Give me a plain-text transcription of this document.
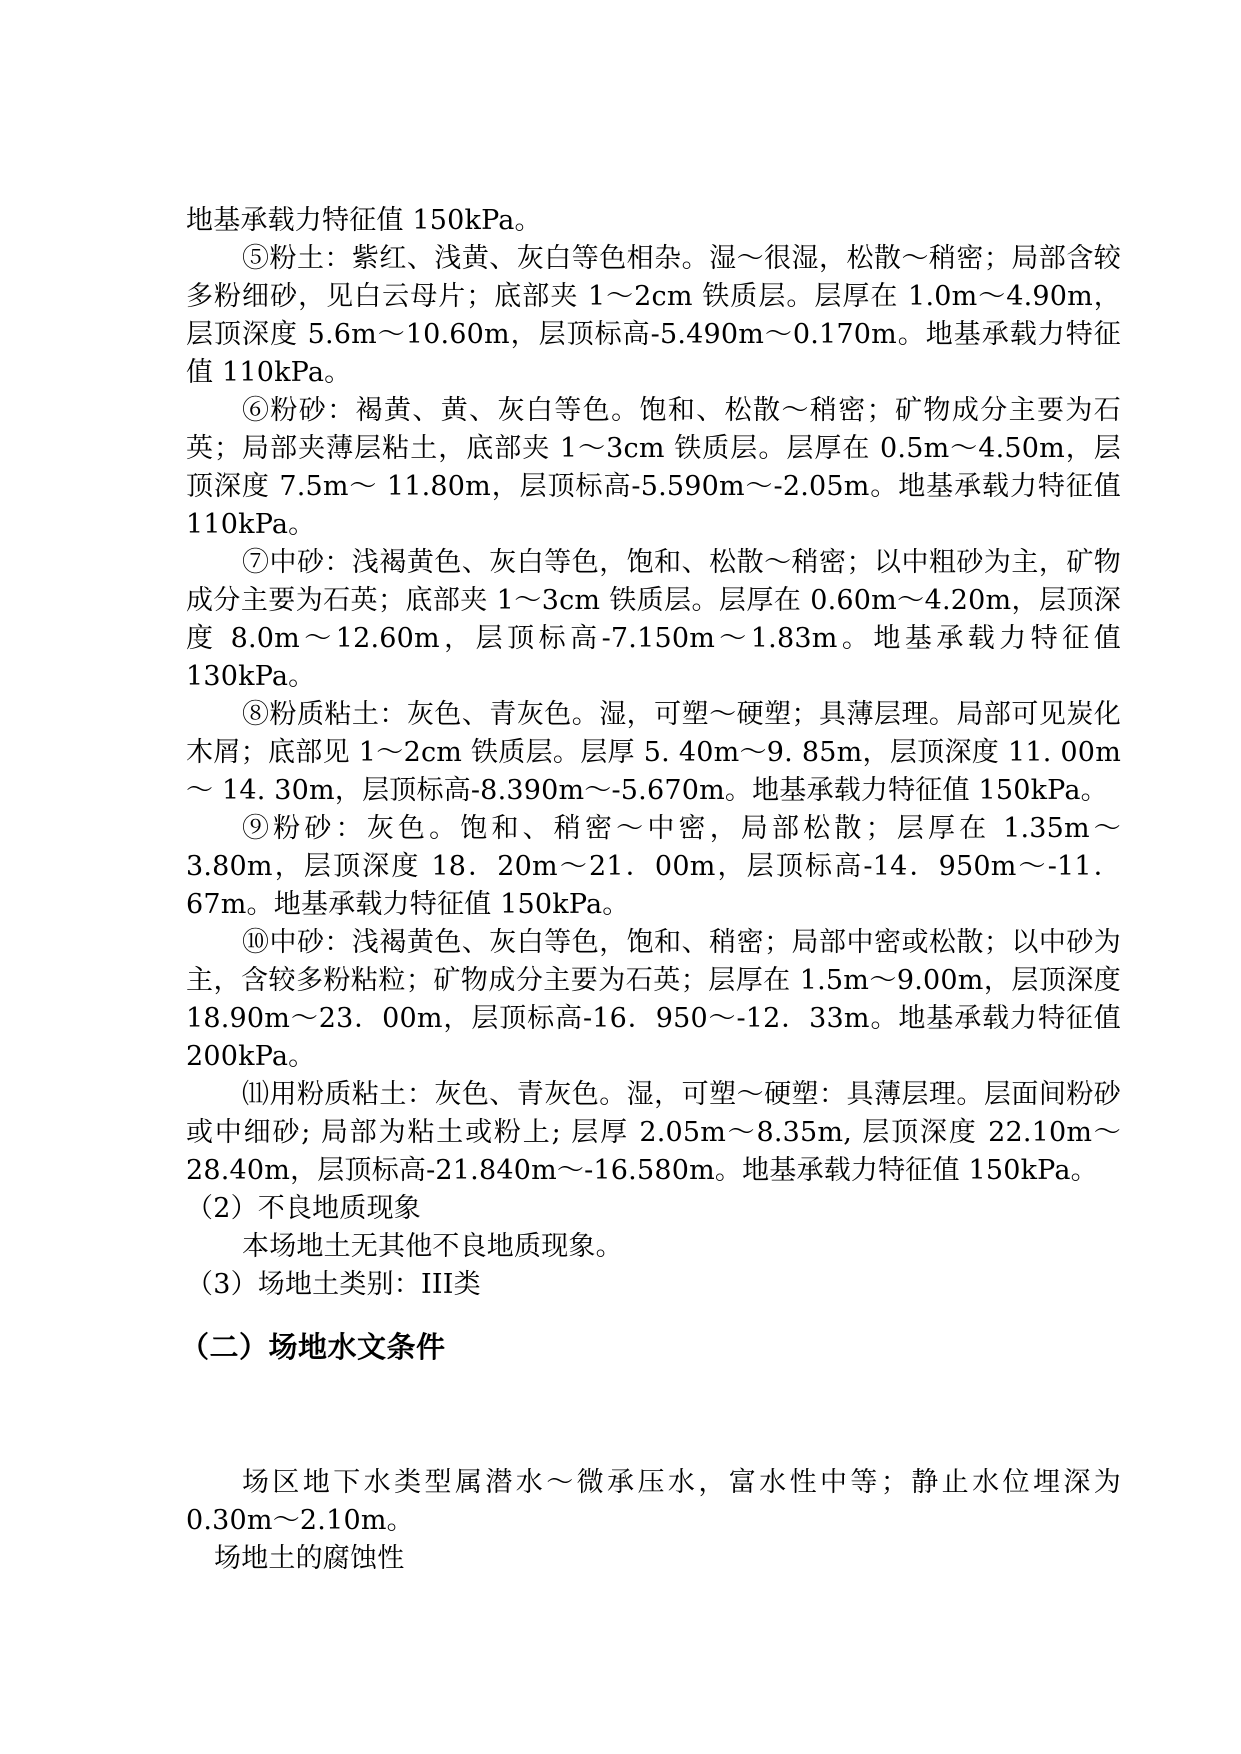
地基承载力特征值 150kPa。

⑤粉土：紫红、浅黄、灰白等色相杂。湿～很湿，松散～稍密；局部含较多粉细砂，见白云母片；底部夹 1～2cm 铁质层。层厚在 1.0m～4.90m，层顶深度 5.6m～10.60m，层顶标高-5.490m～0.170m。地基承载力特征值 110kPa。

⑥粉砂：褐黄、黄、灰白等色。饱和、松散～稍密；矿物成分主要为石英；局部夹薄层粘土，底部夹 1～3cm 铁质层。层厚在 0.5m～4.50m，层顶深度 7.5m～ 11.80m，层顶标高-5.590m～-2.05m。地基承载力特征值 110kPa。

⑦中砂：浅褐黄色、灰白等色，饱和、松散～稍密；以中粗砂为主，矿物成分主要为石英；底部夹 1～3cm 铁质层。层厚在 0.60m～4.20m，层顶深度 8.0m～12.60m，层顶标高-7.150m～1.83m。地基承载力特征值 130kPa。

⑧粉质粘土：灰色、青灰色。湿，可塑～硬塑；具薄层理。局部可见炭化木屑；底部见 1～2cm 铁质层。层厚 5. 40m～9. 85m，层顶深度 11. 00m～ 14. 30m，层顶标高-8.390m～-5.670m。地基承载力特征值 150kPa。

⑨粉砂：灰色。饱和、稍密～中密，局部松散；层厚在 1.35m～3.80m，层顶深度 18．20m～21．00m，层顶标高-14．950m～-11．67m。地基承载力特征值 150kPa。

⑩中砂：浅褐黄色、灰白等色，饱和、稍密；局部中密或松散；以中砂为主，含较多粉粘粒；矿物成分主要为石英；层厚在 1.5m～9.00m，层顶深度 18.90m～23．00m，层顶标高-16．950～-12．33m。地基承载力特征值 200kPa。

⑾用粉质粘土：灰色、青灰色。湿，可塑～硬塑：具薄层理。层面间粉砂或中细砂; 局部为粘土或粉上; 层厚 2.05m～8.35m, 层顶深度 22.10m～28.40m，层顶标高-21.840m～-16.580m。地基承载力特征值 150kPa。

（2）不良地质现象

本场地土无其他不良地质现象。

（3）场地土类别：III类

（二）场地水文条件

场区地下水类型属潜水～微承压水，富水性中等；静止水位埋深为 0.30m～2.10m。

场地土的腐蚀性
